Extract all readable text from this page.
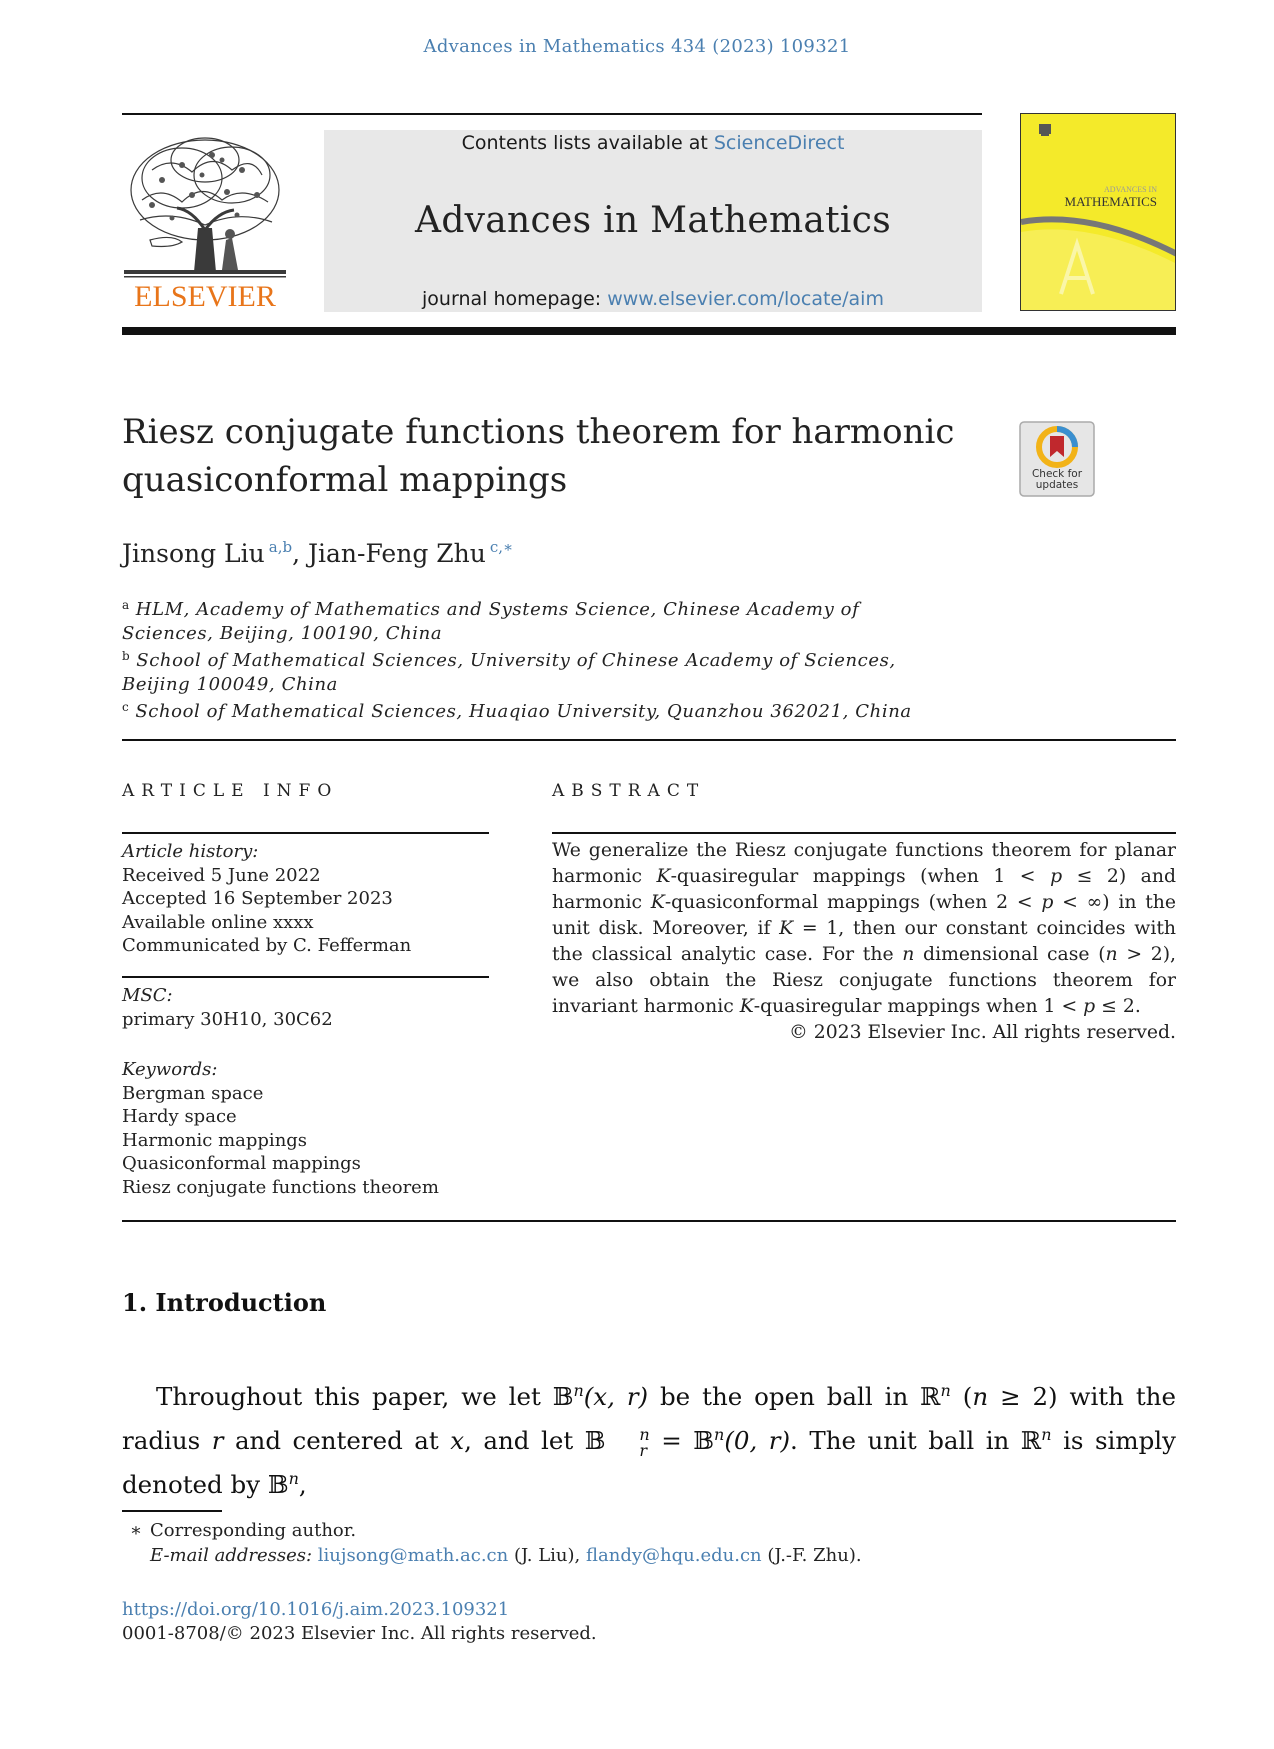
Advances in Mathematics 434 (2023) 109321
ELSEVIER
Contents lists available at ScienceDirect
Advances in Mathematics
journal homepage: www.elsevier.com/locate/aim
ADVANCES IN
MATHEMATICS
Riesz conjugate functions theorem for harmonic
quasiconformal mappings	Check for
updates
Jinsong Liu $^{a,b}$, Jian-Feng Zhu $^{c,∗}$
$^a$ HLM, Academy of Mathematics and Systems Science, Chinese Academy of
Sciences, Beijing, 100190, China
$^b$ School of Mathematical Sciences, University of Chinese Academy of Sciences,
Beijing 100049, China
$^c$ School of Mathematical Sciences, Huaqiao University, Quanzhou 362021, China
ARTICLE INFO	ABSTRACT
Article history:
Received 5 June 2022
Accepted 16 September 2023
Available online xxxx
Communicated by C. Fefferman
MSC:
primary 30H10, 30C62
Keywords:
Bergman space
Hardy space
Harmonic mappings
Quasiconformal mappings
Riesz conjugate functions theorem

We generalize the Riesz conjugate functions theorem for planar harmonic K-quasiregular mappings (when 1 < p ≤ 2) and harmonic K-quasiconformal mappings (when 2 < p < ∞) in the unit disk. Moreover, if K = 1, then our constant coincides with the classical analytic case. For the n dimensional case (n > 2), we also obtain the Riesz conjugate functions theorem for invariant harmonic K-quasiregular mappings when 1 < p ≤ 2.

© 2023 Elsevier Inc. All rights reserved.

1. Introduction

Throughout this paper, we let 𝔹$^n$(x, r) be the open ball in ℝ$^n$ (n ≥ 2) with the radius r and centered at x, and let 𝔹	n
r = 𝔹$^n$(0, r). The unit ball in ℝ$^n$ is simply denoted by 𝔹$^n$,

∗ Corresponding author.
E-mail addresses: liujsong@math.ac.cn (J. Liu), flandy@hqu.edu.cn (J.-F. Zhu).
https://doi.org/10.1016/j.aim.2023.109321
0001-8708/© 2023 Elsevier Inc. All rights reserved.
